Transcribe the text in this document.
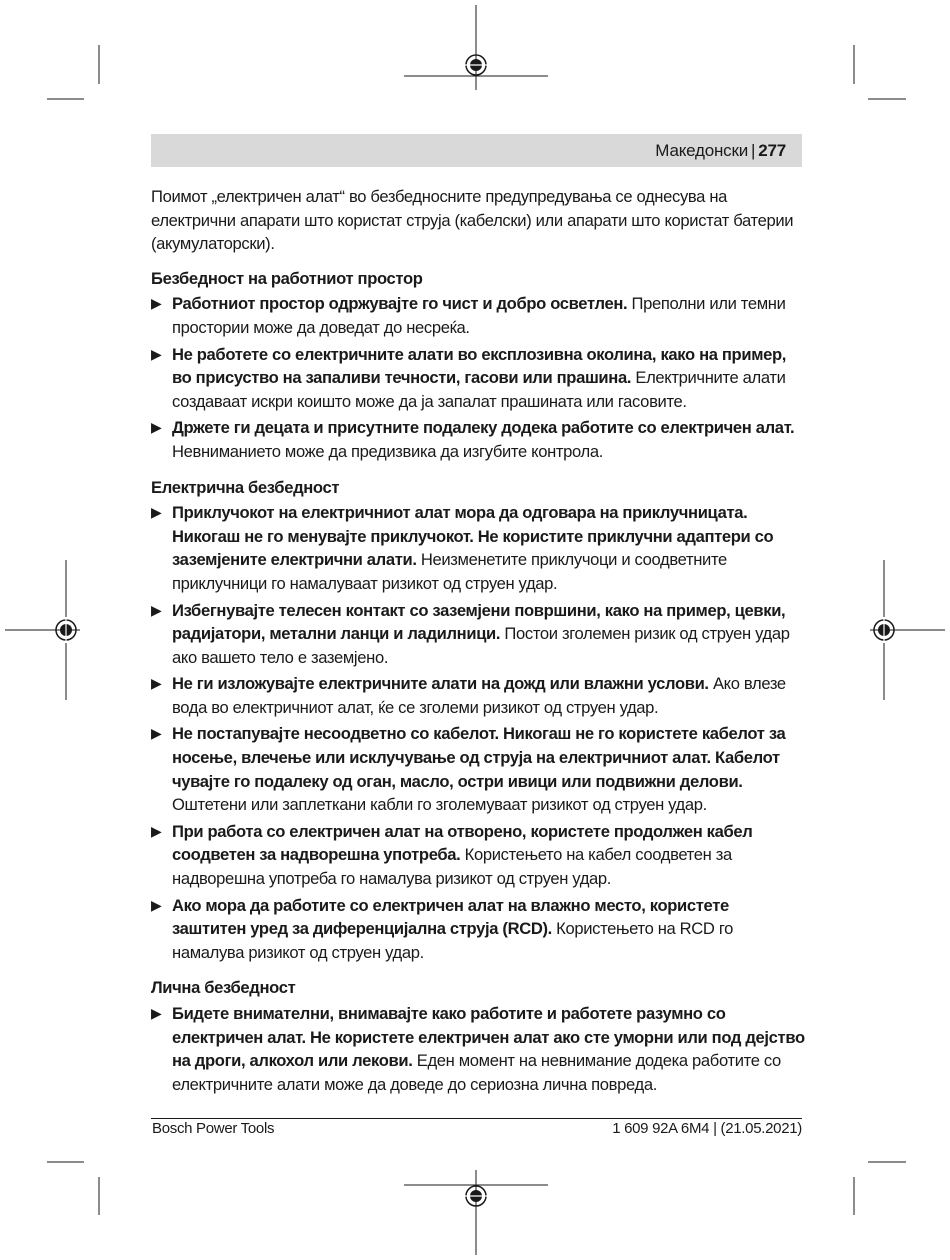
Македонски | 277

Поимот „електричен алат“ во безбедносните предупредувања се однесува на електрични апарати што користат струја (кабелски) или апарати што користат батерии (акумулаторски).

Безбедност на работниот простор
▶ Работниот простор одржувајте го чист и добро осветлен. Преполни или темни простории може да доведат до несреќа.
▶ Не работете со електричните алати во експлозивна околина, како на пример, во присуство на запаливи течности, гасови или прашина. Електричните алати создаваат искри коишто може да ја запалат прашината или гасовите.
▶ Држете ги децата и присутните подалеку додека работите со електричен алат. Невниманието може да предизвика да изгубите контрола.
Електрична безбедност
▶ Приклучокот на електричниот алат мора да одговара на приклучницата. Никогаш не го менувајте приклучокот. Не користите приклучни адаптери со заземјените електрични алати. Неизменетите приклучоци и соодветните приклучници го намалуваат ризикот од струен удар.
▶ Избегнувајте телесен контакт со заземјени површини, како на пример, цевки, радијатори, метални ланци и ладилници. Постои зголемен ризик од струен удар ако вашето тело е заземјено.
▶ Не ги изложувајте електричните алати на дожд или влажни услови. Ако влезе вода во електричниот алат, ќе се зголеми ризикот од струен удар.
▶ Не постапувајте несоодветно со кабелот. Никогаш не го користете кабелот за носење, влечење или исклучување од струја на електричниот алат. Кабелот чувајте го подалеку од оган, масло, остри ивици или подвижни делови. Оштетени или заплеткани кабли го зголемуваат ризикот од струен удар.
▶ При работа со електричен алат на отворено, користете продолжен кабел соодветен за надворешна употреба. Користењето на кабел соодветен за надворешна употреба го намалува ризикот од струен удар.
▶ Ако мора да работите со електричен алат на влажно место, користете заштитен уред за диференцијална струја (RCD). Користењето на RCD го намалува ризикот од струен удар.
Лична безбедност
▶ Бидете внимателни, внимавајте како работите и работете разумно со електричен алат. Не користете електричен алат ако сте уморни или под дејство на дроги, алкохол или лекови. Еден момент на невнимание додека работите со електричните алати може да доведе до сериозна лична повреда.
Bosch Power Tools	1 609 92A 6M4 | (21.05.2021)
